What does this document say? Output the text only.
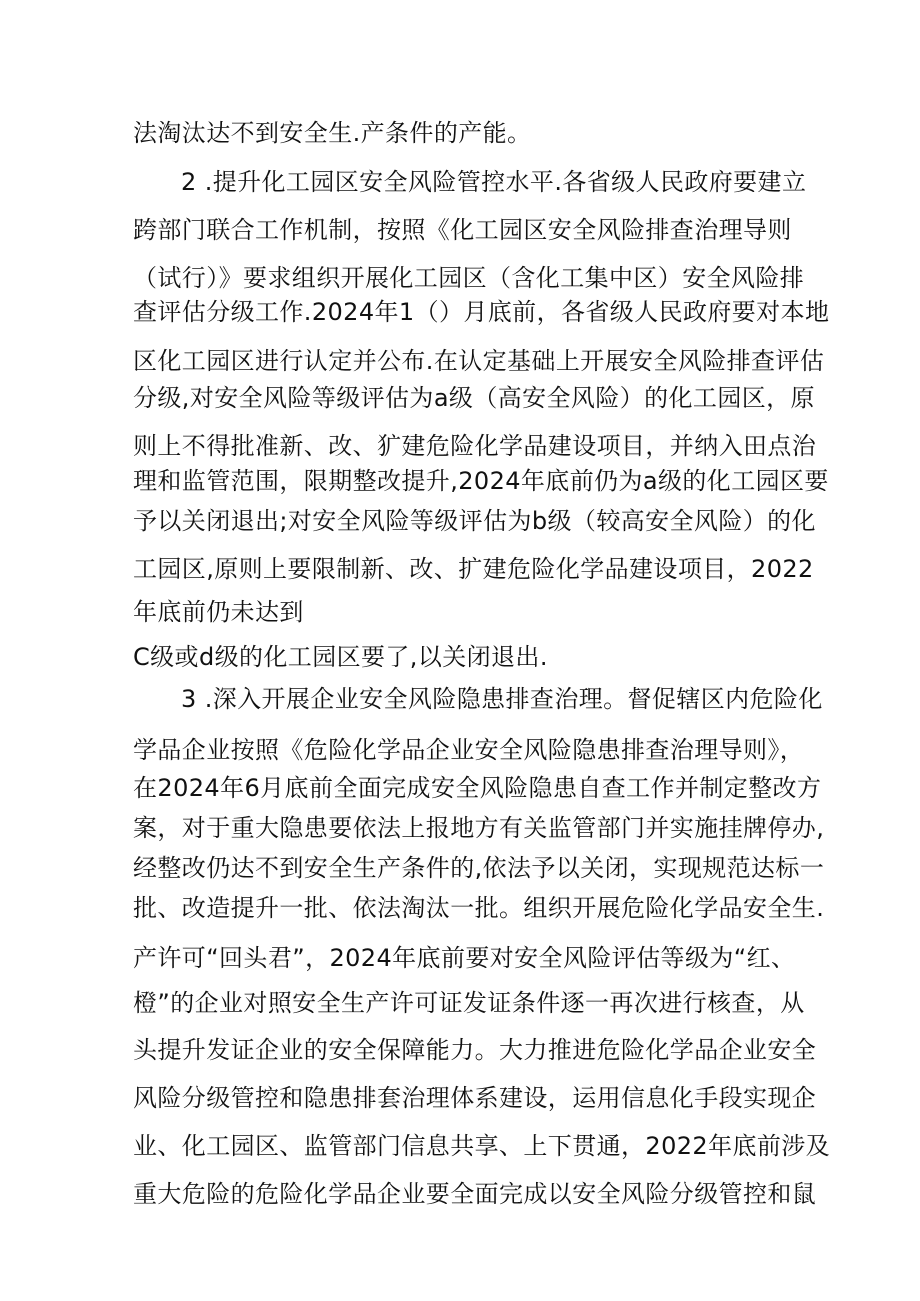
法淘汰达不到安全生.产条件的产能。
2 .提升化工园区安全风险管控水平.各省级人民政府要建立
跨部门联合工作机制，按照《化工园区安全风险排查治理导则
（试行）》要求组织开展化工园区（含化工集中区）安全风险排
查评估分级工作.2024年1（）月底前，各省级人民政府要对本地
区化工园区进行认定并公布.在认定基础上开展安全风险排查评估
分级,对安全风险等级评估为a级（高安全风险）的化工园区，原
则上不得批准新、改、犷建危险化学品建设项目，并纳入田点治
理和监管范围，限期整改提升,2024年底前仍为a级的化工园区要
予以关闭退出;对安全风险等级评估为b级（较高安全风险）的化
工园区,原则上要限制新、改、扩建危险化学品建设项目，2022
年底前仍未达到
C级或d级的化工园区要了,以关闭退出.
3 .深入开展企业安全风险隐患排查治理。督促辖区内危险化
学品企业按照《危险化学品企业安全风险隐患排查治理导则》，
在2024年6月底前全面完成安全风险隐患自查工作并制定整改方
案，对于重大隐患要依法上报地方有关监管部门并实施挂牌停办,
经整改仍达不到安全生产条件的,依法予以关闭，实现规范达标一
批、改造提升一批、依法淘汰一批。组织开展危险化学品安全生.
产许可“回头君”，2024年底前要对安全风险评估等级为“红、
橙”的企业对照安全生产许可证发证条件逐一再次进行核查，从
头提升发证企业的安全保障能力。大力推进危险化学品企业安全
风险分级管控和隐患排套治理体系建设，运用信息化手段实现企
业、化工园区、监管部门信息共享、上下贯通，2022年底前涉及
重大危险的危险化学品企业要全面完成以安全风险分级管控和鼠
